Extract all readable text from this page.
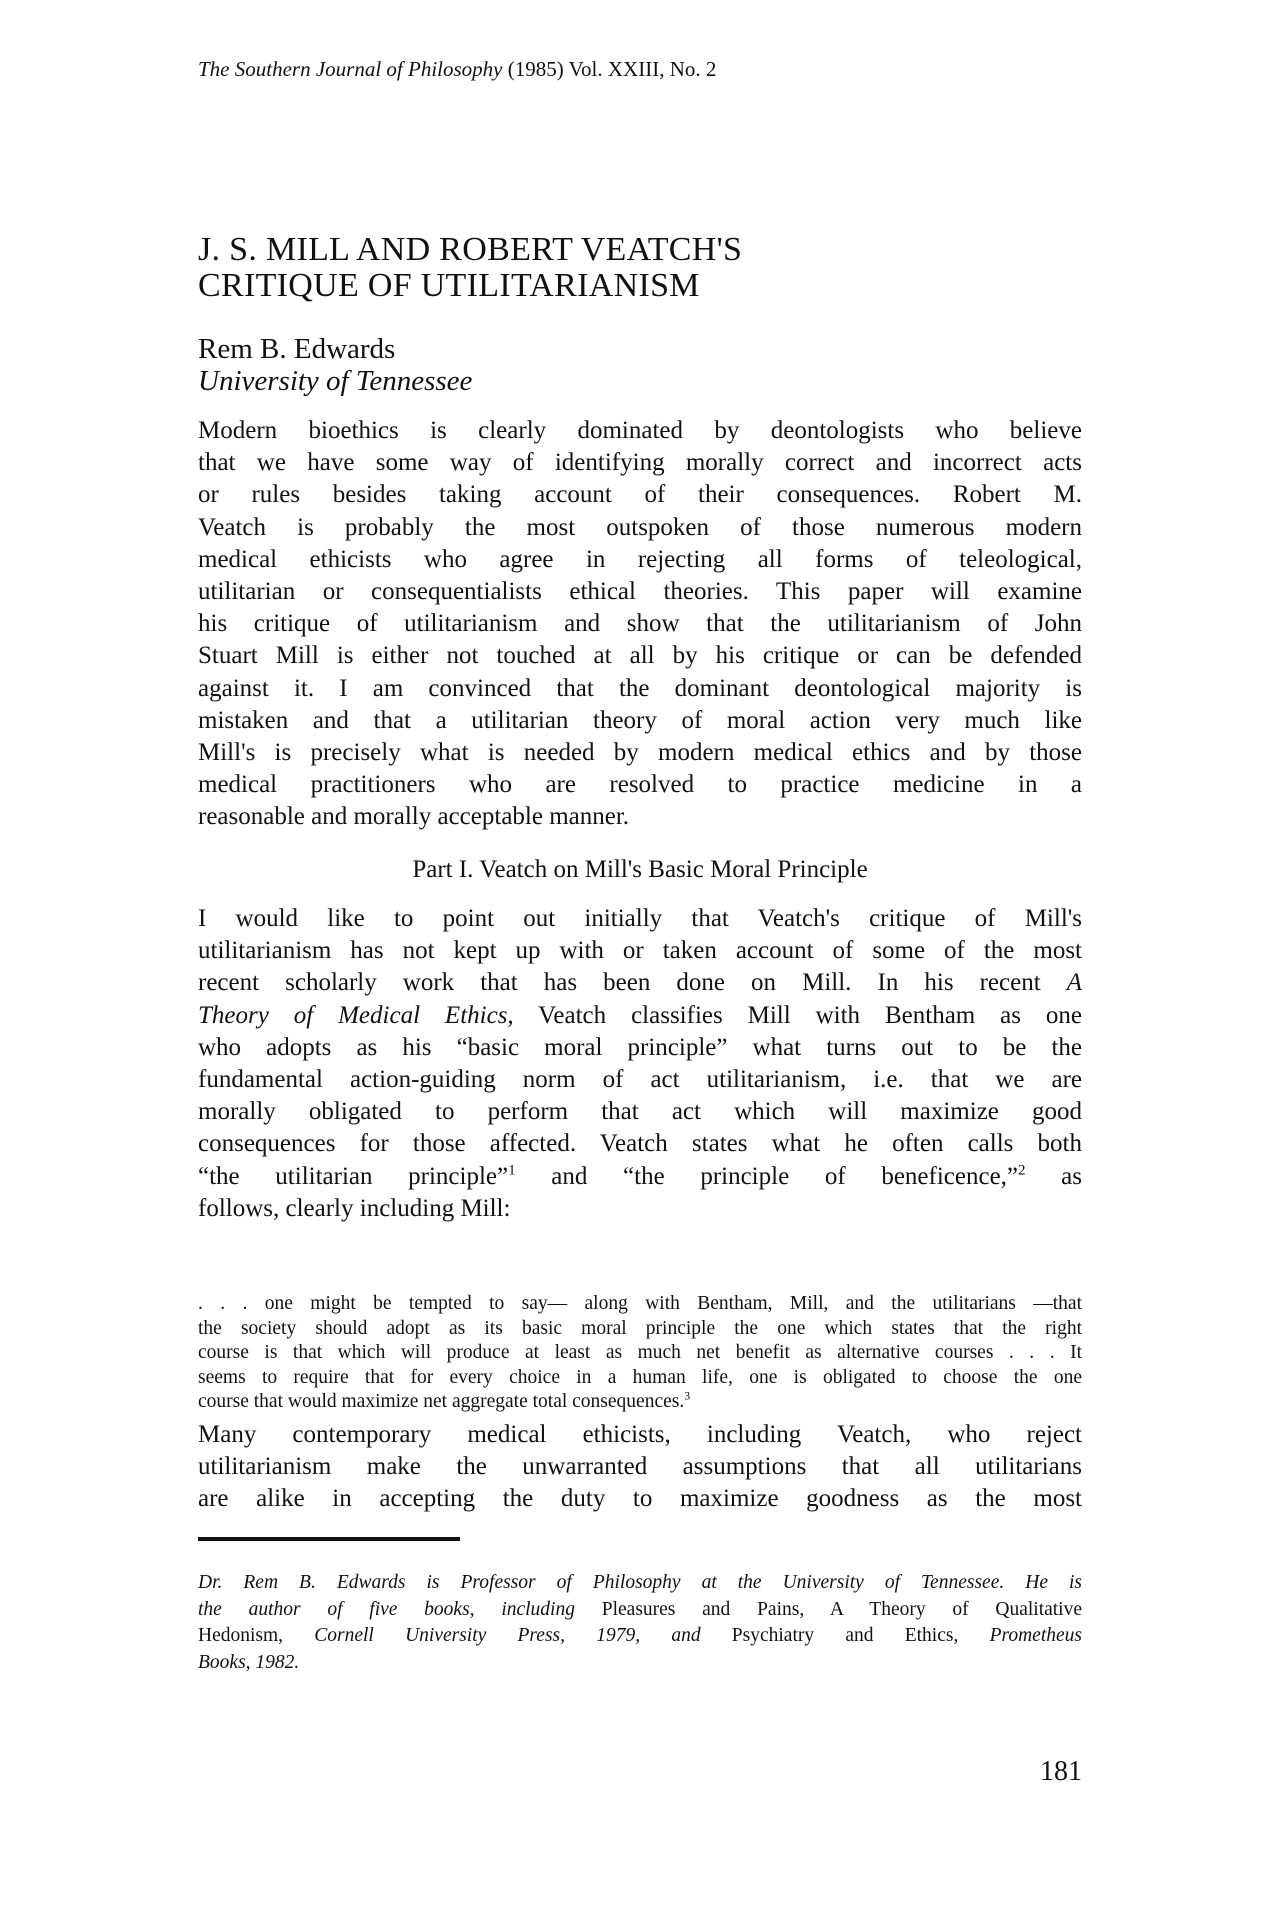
The Southern Journal of Philosophy (1985) Vol. XXIII, No. 2
J. S. MILL AND ROBERT VEATCH'S
CRITIQUE OF UTILITARIANISM
Rem B. Edwards
University of Tennessee
Modern bioethics is clearly dominated by deontologists who believe
that we have some way of identifying morally correct and incorrect acts
or rules besides taking account of their consequences. Robert M.
Veatch is probably the most outspoken of those numerous modern
medical ethicists who agree in rejecting all forms of teleological,
utilitarian or consequentialists ethical theories. This paper will examine
his critique of utilitarianism and show that the utilitarianism of John
Stuart Mill is either not touched at all by his critique or can be defended
against it. I am convinced that the dominant deontological majority is
mistaken and that a utilitarian theory of moral action very much like
Mill's is precisely what is needed by modern medical ethics and by those
medical practitioners who are resolved to practice medicine in a
reasonable and morally acceptable manner.
Part I. Veatch on Mill's Basic Moral Principle
I would like to point out initially that Veatch's critique of Mill's
utilitarianism has not kept up with or taken account of some of the most
recent scholarly work that has been done on Mill. In his recent A
Theory of Medical Ethics, Veatch classifies Mill with Bentham as one
who adopts as his “basic moral principle” what turns out to be the
fundamental action-guiding norm of act utilitarianism, i.e. that we are
morally obligated to perform that act which will maximize good
consequences for those affected. Veatch states what he often calls both
“the utilitarian principle”$^1$ and “the principle of beneficence,”$^2$ as
follows, clearly including Mill:
. . . one might be tempted to say— along with Bentham, Mill, and the utilitarians —that
the society should adopt as its basic moral principle the one which states that the right
course is that which will produce at least as much net benefit as alternative courses . . . It
seems to require that for every choice in a human life, one is obligated to choose the one
course that would maximize net aggregate total consequences.$^3$
Many contemporary medical ethicists, including Veatch, who reject
utilitarianism make the unwarranted assumptions that all utilitarians
are alike in accepting the duty to maximize goodness as the most
Dr. Rem B. Edwards is Professor of Philosophy at the University of Tennessee. He is
the author of five books, including Pleasures and Pains, A Theory of Qualitative
Hedonism, Cornell University Press, 1979, and Psychiatry and Ethics, Prometheus
Books, 1982.
181
